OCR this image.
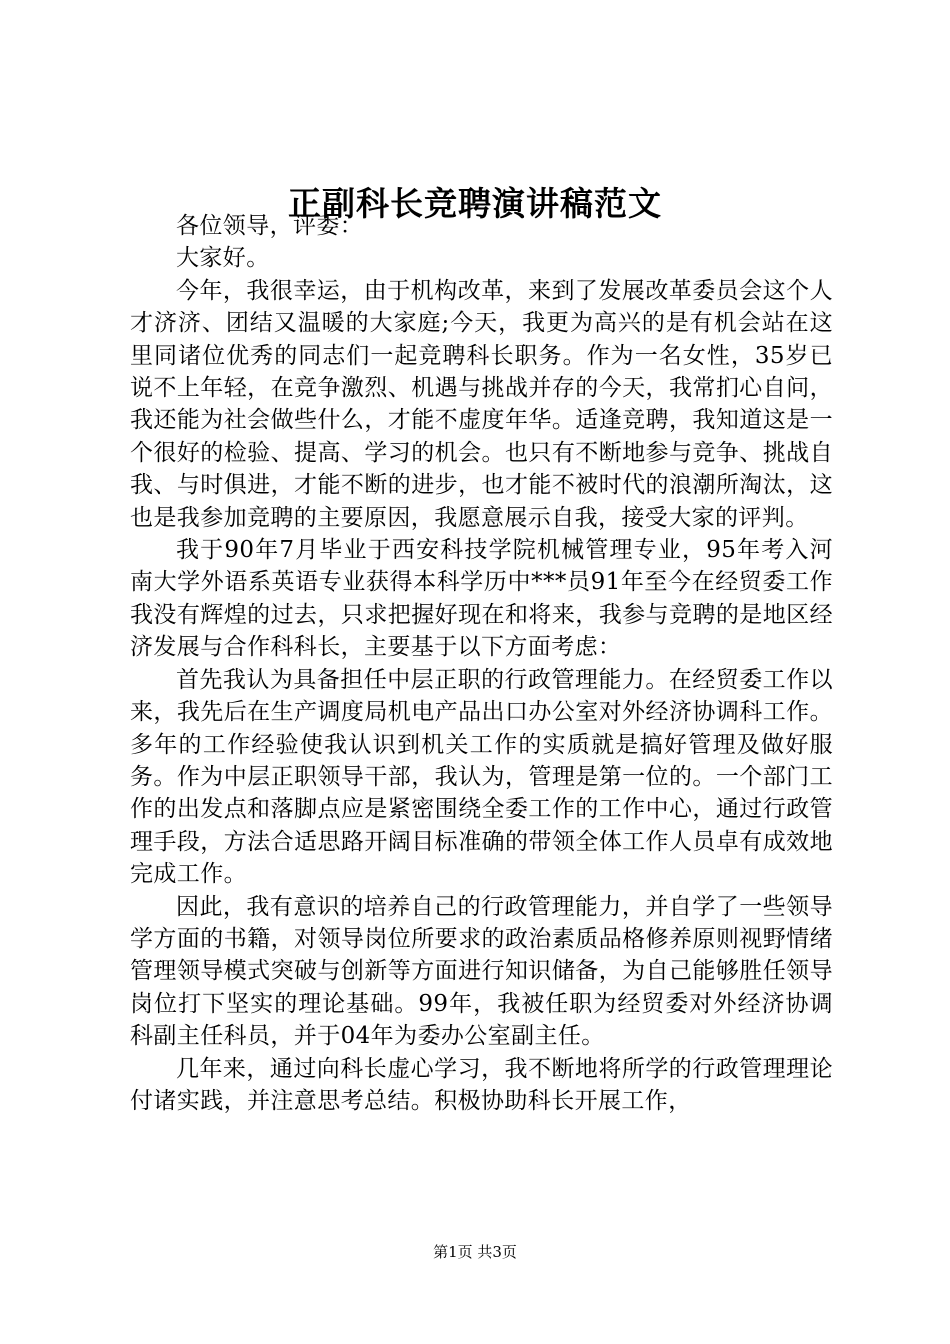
正副科长竞聘演讲稿范文

各位领导，评委：

大家好。

今年，我很幸运，由于机构改革，来到了发展改革委员会这个人才济济、团结又温暖的大家庭;今天，我更为高兴的是有机会站在这里同诸位优秀的同志们一起竞聘科长职务。作为一名女性，35岁已说不上年轻，在竞争激烈、机遇与挑战并存的今天，我常扪心自问，我还能为社会做些什么，才能不虚度年华。适逢竞聘，我知道这是一个很好的检验、提高、学习的机会。也只有不断地参与竞争、挑战自我、与时俱进，才能不断的进步，也才能不被时代的浪潮所淘汰，这也是我参加竞聘的主要原因，我愿意展示自我，接受大家的评判。

我于90年7月毕业于西安科技学院机械管理专业，95年考入河南大学外语系英语专业获得本科学历中***员91年至今在经贸委工作我没有辉煌的过去，只求把握好现在和将来，我参与竞聘的是地区经济发展与合作科科长，主要基于以下方面考虑：

首先我认为具备担任中层正职的行政管理能力。在经贸委工作以来，我先后在生产调度局机电产品出口办公室对外经济协调科工作。多年的工作经验使我认识到机关工作的实质就是搞好管理及做好服务。作为中层正职领导干部，我认为，管理是第一位的。一个部门工作的出发点和落脚点应是紧密围绕全委工作的工作中心，通过行政管理手段，方法合适思路开阔目标准确的带领全体工作人员卓有成效地完成工作。

因此，我有意识的培养自己的行政管理能力，并自学了一些领导学方面的书籍，对领导岗位所要求的政治素质品格修养原则视野情绪管理领导模式突破与创新等方面进行知识储备，为自己能够胜任领导岗位打下坚实的理论基础。99年，我被任职为经贸委对外经济协调科副主任科员，并于04年为委办公室副主任。

几年来，通过向科长虚心学习，我不断地将所学的行政管理理论付诸实践，并注意思考总结。积极协助科长开展工作，

第1页 共3页
